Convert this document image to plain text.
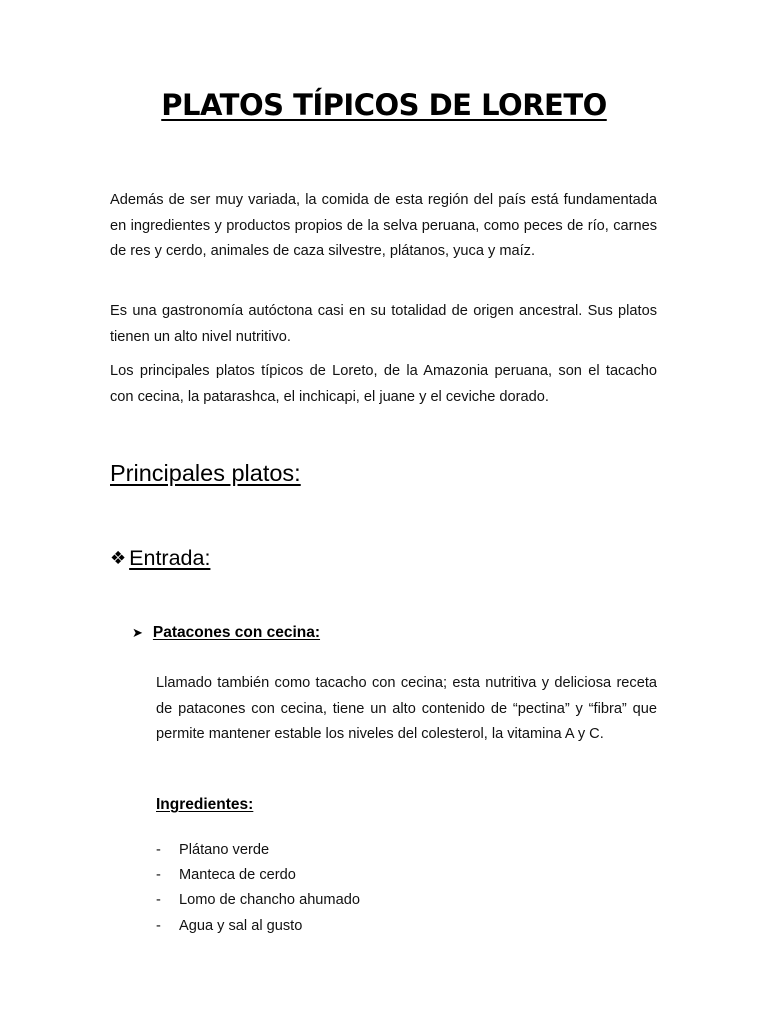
PLATOS TÍPICOS DE LORETO

Además de ser muy variada, la comida de esta región del país está fundamentada en ingredientes y productos propios de la selva peruana, como peces de río, carnes de res y cerdo, animales de caza silvestre, plátanos, yuca y maíz.

Es una gastronomía autóctona casi en su totalidad de origen ancestral. Sus platos tienen un alto nivel nutritivo.

Los principales platos típicos de Loreto, de la Amazonia peruana, son el tacacho con cecina, la patarashca, el inchicapi, el juane y el ceviche dorado.

Principales platos:
❖ Entrada:
➤ Patacones con cecina:

Llamado también como tacacho con cecina; esta nutritiva y deliciosa receta de patacones con cecina, tiene un alto contenido de “pectina” y “fibra” que permite mantener estable los niveles del colesterol, la vitamina A y C.

Ingredientes:
-	Plátano verde
-	Manteca de cerdo
-	Lomo de chancho ahumado
-	Agua y sal al gusto
